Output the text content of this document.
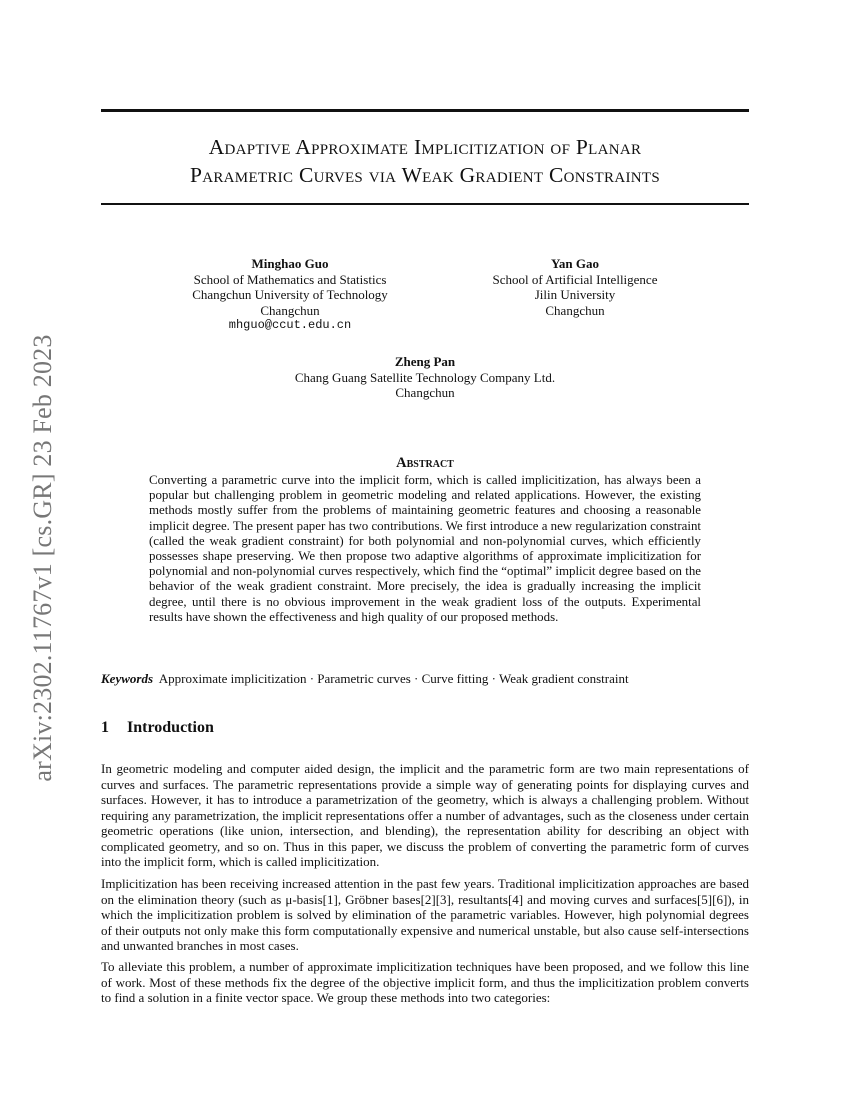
arXiv:2302.11767v1 [cs.GR] 23 Feb 2023
Adaptive Approximate Implicitization of Planar
Parametric Curves via Weak Gradient Constraints
Minghao Guo
School of Mathematics and Statistics
Changchun University of Technology
Changchun
mhguo@ccut.edu.cn
Yan Gao
School of Artificial Intelligence
Jilin University
Changchun
Zheng Pan
Chang Guang Satellite Technology Company Ltd.
Changchun
Abstract
Converting a parametric curve into the implicit form, which is called implicitization, has always been a popular but challenging problem in geometric modeling and related applications. However, the existing methods mostly suffer from the problems of maintaining geometric features and choosing a reasonable implicit degree. The present paper has two contributions. We first introduce a new regularization constraint (called the weak gradient constraint) for both polynomial and non-polynomial curves, which efficiently possesses shape preserving. We then propose two adaptive algorithms of approximate implicitization for polynomial and non-polynomial curves respectively, which find the “optimal” implicit degree based on the behavior of the weak gradient constraint. More precisely, the idea is gradually increasing the implicit degree, until there is no obvious improvement in the weak gradient loss of the outputs. Experimental results have shown the effectiveness and high quality of our proposed methods.
Keywords Approximate implicitization · Parametric curves · Curve fitting · Weak gradient constraint
1 Introduction

In geometric modeling and computer aided design, the implicit and the parametric form are two main representations of curves and surfaces. The parametric representations provide a simple way of generating points for displaying curves and surfaces. However, it has to introduce a parametrization of the geometry, which is always a challenging problem. Without requiring any parametrization, the implicit representations offer a number of advantages, such as the closeness under certain geometric operations (like union, intersection, and blending), the representation ability for describing an object with complicated geometry, and so on. Thus in this paper, we discuss the problem of converting the parametric form of curves into the implicit form, which is called implicitization.

Implicitization has been receiving increased attention in the past few years. Traditional implicitization approaches are based on the elimination theory (such as μ-basis[1], Gröbner bases[2][3], resultants[4] and moving curves and surfaces[5][6]), in which the implicitization problem is solved by elimination of the parametric variables. However, high polynomial degrees of their outputs not only make this form computationally expensive and numerical unstable, but also cause self-intersections and unwanted branches in most cases.

To alleviate this problem, a number of approximate implicitization techniques have been proposed, and we follow this line of work. Most of these methods fix the degree of the objective implicit form, and thus the implicitization problem converts to find a solution in a finite vector space. We group these methods into two categories:
